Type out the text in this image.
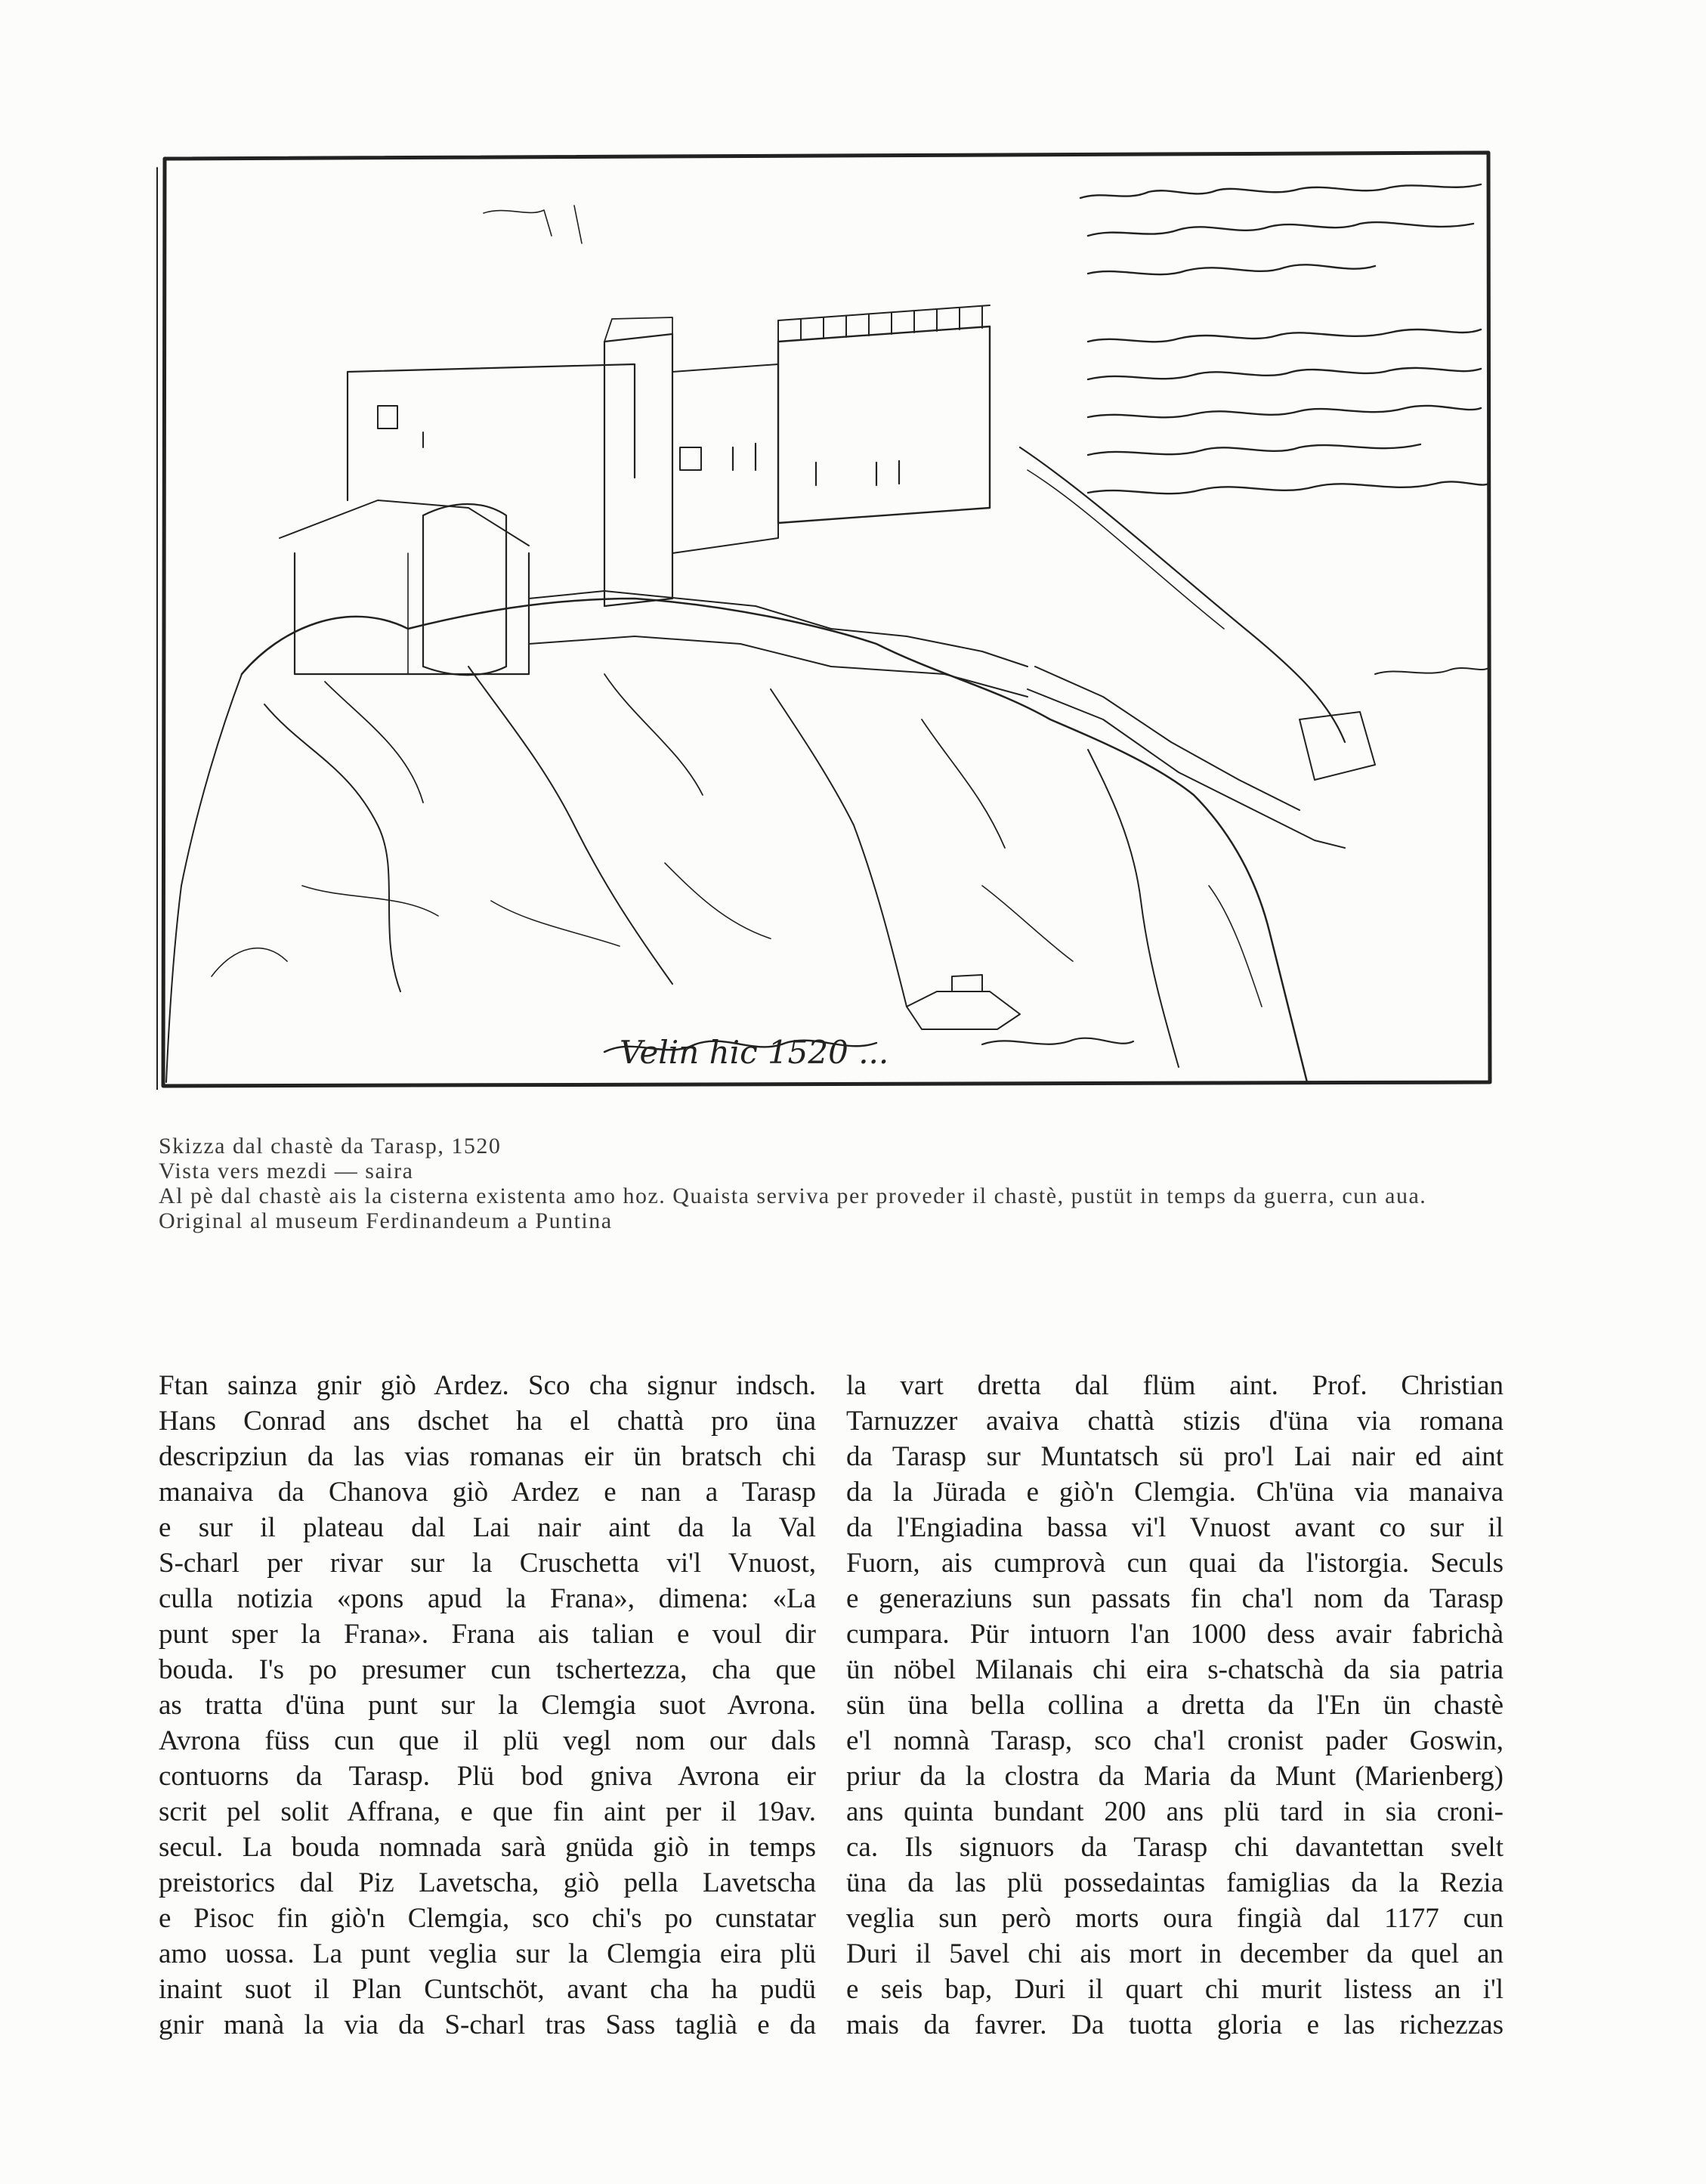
Velin hic 1520 ...
Skizza dal chastè da Tarasp, 1520
Vista vers mezdi — saira
Al pè dal chastè ais la cisterna existenta amo hoz. Quaista serviva per proveder il chastè, pustüt in temps da guerra, cun aua.
Original al museum Ferdinandeum a Puntina
Ftan sainza gnir giò Ardez. Sco cha signur indsch.
Hans Conrad ans dschet ha el chattà pro üna
descripziun da las vias romanas eir ün bratsch chi
manaiva da Chanova giò Ardez e nan a Tarasp
e sur il plateau dal Lai nair aint da la Val
S-charl per rivar sur la Cruschetta vi'l Vnuost,
culla notizia «pons apud la Frana», dimena: «La
punt sper la Frana». Frana ais talian e voul dir
bouda. I's po presumer cun tschertezza, cha que
as tratta d'üna punt sur la Clemgia suot Avrona.
Avrona füss cun que il plü vegl nom our dals
contuorns da Tarasp. Plü bod gniva Avrona eir
scrit pel solit Affrana, e que fin aint per il 19av.
secul. La bouda nomnada sarà gnüda giò in temps
preistorics dal Piz Lavetscha, giò pella Lavetscha
e Pisoc fin giò'n Clemgia, sco chi's po cunstatar
amo uossa. La punt veglia sur la Clemgia eira plü
inaint suot il Plan Cuntschöt, avant cha ha pudü
gnir manà la via da S-charl tras Sass taglià e da
la vart dretta dal flüm aint. Prof. Christian
Tarnuzzer avaiva chattà stizis d'üna via romana
da Tarasp sur Muntatsch sü pro'l Lai nair ed aint
da la Jürada e giò'n Clemgia. Ch'üna via manaiva
da l'Engiadina bassa vi'l Vnuost avant co sur il
Fuorn, ais cumprovà cun quai da l'istorgia. Seculs
e generaziuns sun passats fin cha'l nom da Tarasp
cumpara. Pür intuorn l'an 1000 dess avair fabrichà
ün nöbel Milanais chi eira s-chatschà da sia patria
sün üna bella collina a dretta da l'En ün chastè
e'l nomnà Tarasp, sco cha'l cronist pader Goswin,
priur da la clostra da Maria da Munt (Marienberg)
ans quinta bundant 200 ans plü tard in sia croni-
ca. Ils signuors da Tarasp chi davantettan svelt
üna da las plü possedaintas famiglias da la Rezia
veglia sun però morts oura fingià dal 1177 cun
Duri il 5avel chi ais mort in december da quel an
e seis bap, Duri il quart chi murit listess an i'l
mais da favrer. Da tuotta gloria e las richezzas
